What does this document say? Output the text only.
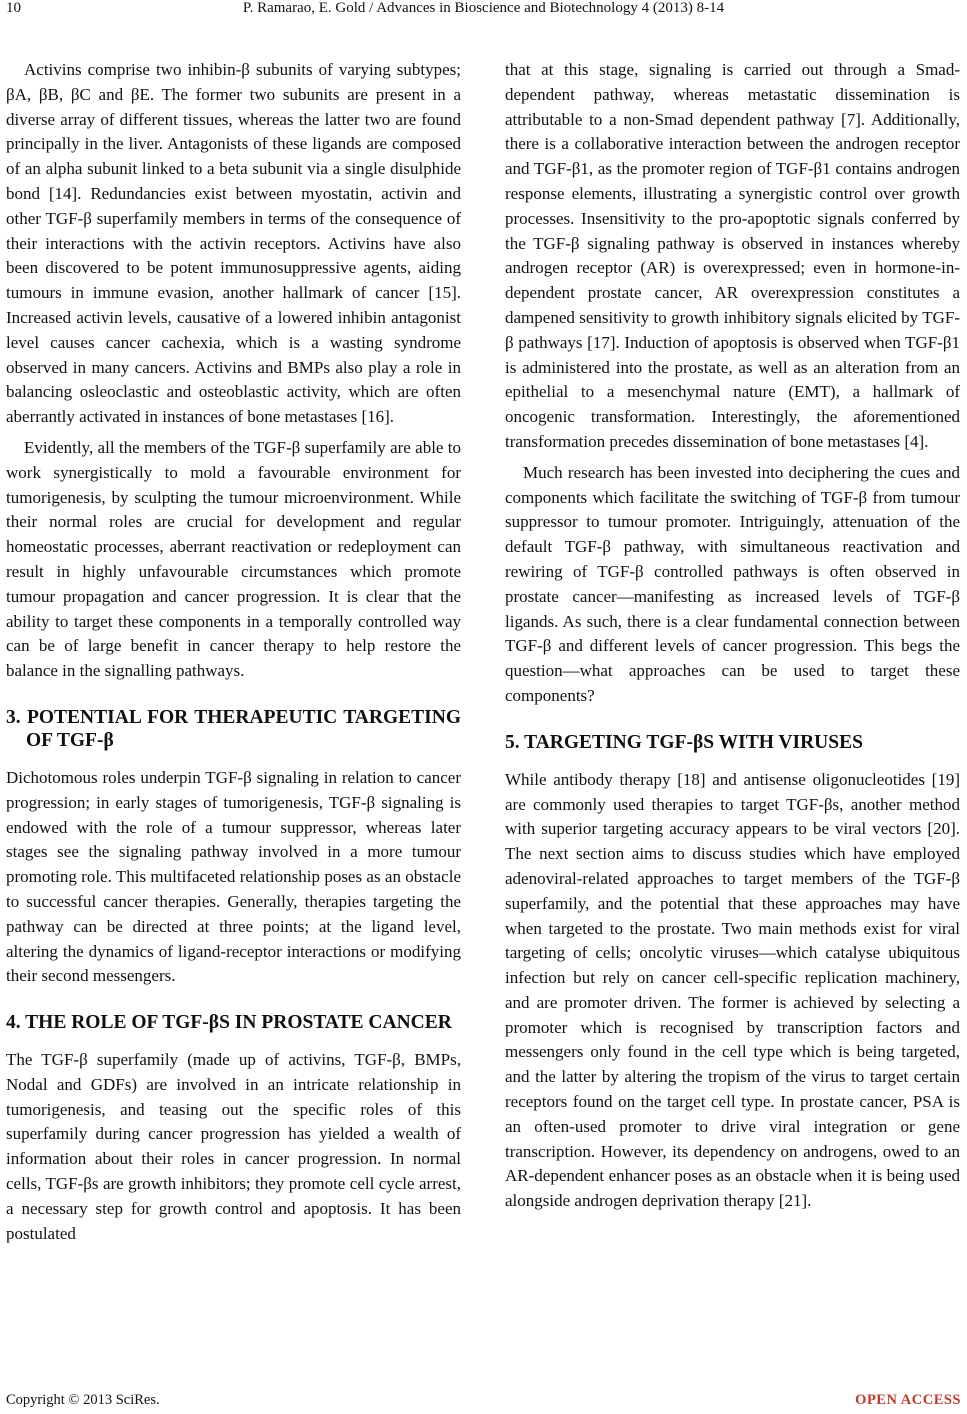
10	P. Ramarao, E. Gold / Advances in Bioscience and Biotechnology 4 (2013) 8-14

Activins comprise two inhibin-β subunits of varying subtypes; βA, βB, βC and βE. The former two subunits are present in a diverse array of different tissues, whereas the latter two are found principally in the liver. Antagonists of these ligands are composed of an alpha subunit linked to a beta subunit via a single disulphide bond [14]. Redundancies exist between myostatin, activin and other TGF-β superfamily members in terms of the consequence of their interactions with the activin receptors. Activins have also been discovered to be potent immunosuppressive agents, aiding tumours in immune evasion, another hallmark of cancer [15]. Increased activin levels, causative of a lowered inhibin antagonist level causes cancer cachexia, which is a wasting syndrome observed in many cancers. Activins and BMPs also play a role in balancing osleoclastic and osteoblastic activity, which are often aberrantly activated in instances of bone metastases [16].

Evidently, all the members of the TGF-β superfamily are able to work synergistically to mold a favourable environment for tumorigenesis, by sculpting the tumour microenvironment. While their normal roles are crucial for development and regular homeostatic processes, aberrant reactivation or redeployment can result in highly unfavourable circumstances which promote tumour propagation and cancer progression. It is clear that the ability to target these components in a temporally controlled way can be of large benefit in cancer therapy to help restore the balance in the signalling pathways.

3. POTENTIAL FOR THERAPEUTIC TARGETING OF TGF-β

Dichotomous roles underpin TGF-β signaling in relation to cancer progression; in early stages of tumorigenesis, TGF-β signaling is endowed with the role of a tumour suppressor, whereas later stages see the signaling pathway involved in a more tumour promoting role. This multifaceted relationship poses as an obstacle to successful cancer therapies. Generally, therapies targeting the pathway can be directed at three points; at the ligand level, altering the dynamics of ligand-receptor interactions or modifying their second messengers.

4. THE ROLE OF TGF-βS IN PROSTATE CANCER

The TGF-β superfamily (made up of activins, TGF-β, BMPs, Nodal and GDFs) are involved in an intricate relationship in tumorigenesis, and teasing out the specific roles of this superfamily during cancer progression has yielded a wealth of information about their roles in cancer progression. In normal cells, TGF-βs are growth inhibitors; they promote cell cycle arrest, a necessary step for growth control and apoptosis. It has been postulated

that at this stage, signaling is carried out through a Smad-dependent pathway, whereas metastatic dissemination is attributable to a non-Smad dependent pathway [7]. Additionally, there is a collaborative interaction between the androgen receptor and TGF-β1, as the promoter region of TGF-β1 contains androgen response elements, illustrating a synergistic control over growth processes. Insensitivity to the pro-apoptotic signals conferred by the TGF-β signaling pathway is observed in instances whereby androgen receptor (AR) is overexpressed; even in hormone-independent prostate cancer, AR overexpression constitutes a dampened sensitivity to growth inhibitory signals elicited by TGF-β pathways [17]. Induction of apoptosis is observed when TGF-β1 is administered into the prostate, as well as an alteration from an epithelial to a mesenchymal nature (EMT), a hallmark of oncogenic transformation. Interestingly, the aforementioned transformation precedes dissemination of bone metastases [4].

Much research has been invested into deciphering the cues and components which facilitate the switching of TGF-β from tumour suppressor to tumour promoter. Intriguingly, attenuation of the default TGF-β pathway, with simultaneous reactivation and rewiring of TGF-β controlled pathways is often observed in prostate cancer—manifesting as increased levels of TGF-β ligands. As such, there is a clear fundamental connection between TGF-β and different levels of cancer progression. This begs the question—what approaches can be used to target these components?

5. TARGETING TGF-βS WITH VIRUSES

While antibody therapy [18] and antisense oligonucleotides [19] are commonly used therapies to target TGF-βs, another method with superior targeting accuracy appears to be viral vectors [20]. The next section aims to discuss studies which have employed adenoviral-related approaches to target members of the TGF-β superfamily, and the potential that these approaches may have when targeted to the prostate. Two main methods exist for viral targeting of cells; oncolytic viruses—which catalyse ubiquitous infection but rely on cancer cell-specific replication machinery, and are promoter driven. The former is achieved by selecting a promoter which is recognised by transcription factors and messengers only found in the cell type which is being targeted, and the latter by altering the tropism of the virus to target certain receptors found on the target cell type. In prostate cancer, PSA is an often-used promoter to drive viral integration or gene transcription. However, its dependency on androgens, owed to an AR-dependent enhancer poses as an obstacle when it is being used alongside androgen deprivation therapy [21].

Copyright © 2013 SciRes.	OPEN ACCESS
